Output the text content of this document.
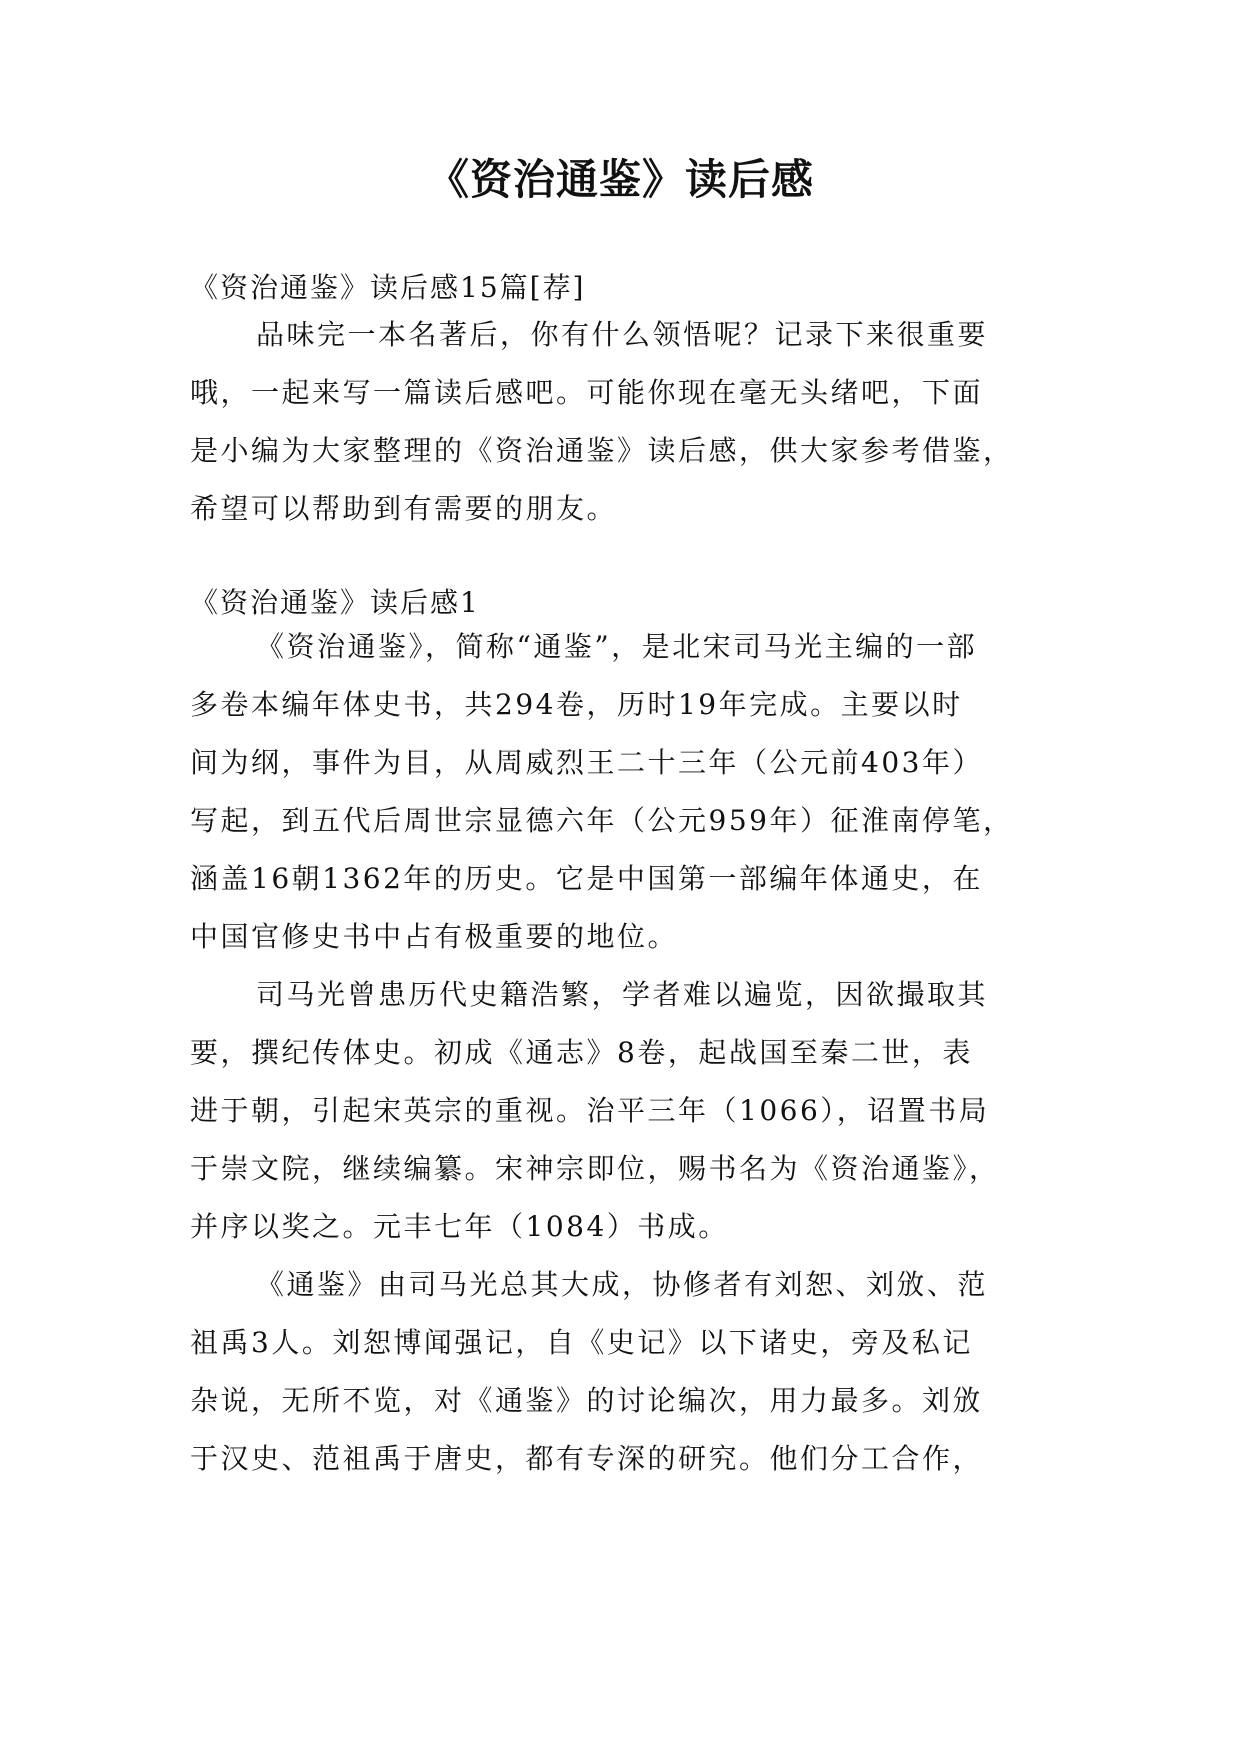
《资治通鉴》读后感
《资治通鉴》读后感15篇[荐]
品味完一本名著后，你有什么领悟呢？记录下来很重要
哦，一起来写一篇读后感吧。可能你现在毫无头绪吧，下面
是小编为大家整理的《资治通鉴》读后感，供大家参考借鉴，
希望可以帮助到有需要的朋友。
《资治通鉴》读后感1
《资治通鉴》，简称“通鉴”，是北宋司马光主编的一部
多卷本编年体史书，共294卷，历时19年完成。主要以时
间为纲，事件为目，从周威烈王二十三年（公元前403年）
写起，到五代后周世宗显德六年（公元959年）征淮南停笔，
涵盖16朝1362年的历史。它是中国第一部编年体通史，在
中国官修史书中占有极重要的地位。
司马光曾患历代史籍浩繁，学者难以遍览，因欲撮取其
要，撰纪传体史。初成《通志》8卷，起战国至秦二世，表
进于朝，引起宋英宗的重视。治平三年（1066），诏置书局
于崇文院，继续编纂。宋神宗即位，赐书名为《资治通鉴》，
并序以奖之。元丰七年（1084）书成。
《通鉴》由司马光总其大成，协修者有刘恕、刘攽、范
祖禹3人。刘恕博闻强记，自《史记》以下诸史，旁及私记
杂说，无所不览，对《通鉴》的讨论编次，用力最多。刘攽
于汉史、范祖禹于唐史，都有专深的研究。他们分工合作，
